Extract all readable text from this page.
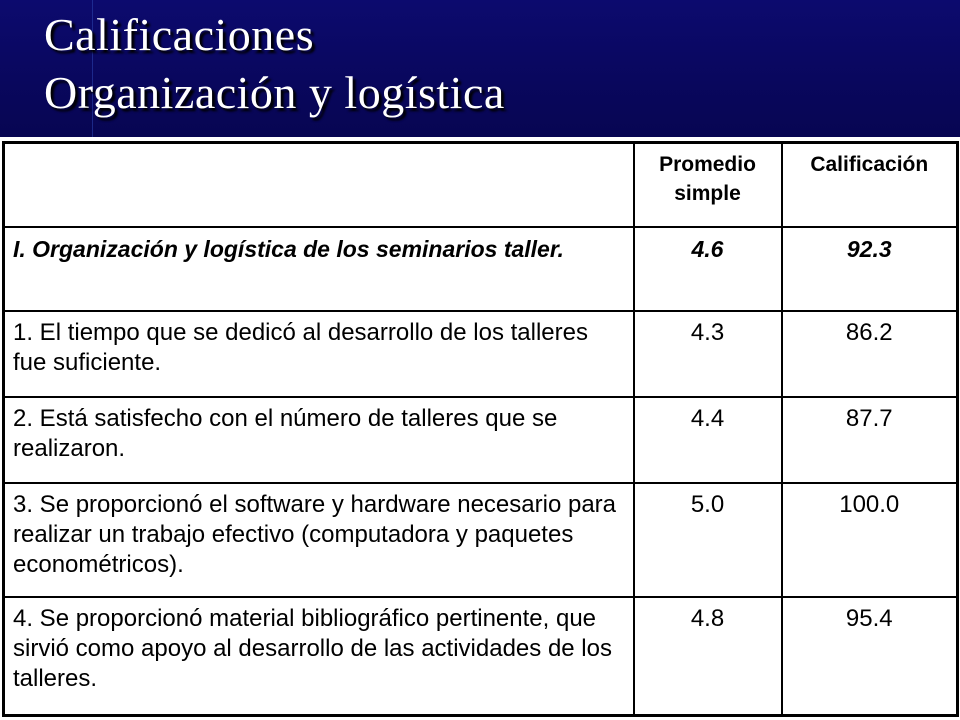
Calificaciones
Organización y logística
	Promedio simple	Calificación
I. Organización y logística de los seminarios taller.	4.6	92.3
1. El tiempo que se dedicó al desarrollo de los talleres fue suficiente.	4.3	86.2
2. Está satisfecho con el número de talleres que se realizaron.	4.4	87.7
3. Se proporcionó el software y hardware necesario para realizar un trabajo efectivo (computadora y paquetes econométricos).	5.0	100.0
4. Se proporcionó material bibliográfico pertinente, que sirvió como apoyo al desarrollo de las actividades de los talleres.	4.8	95.4
